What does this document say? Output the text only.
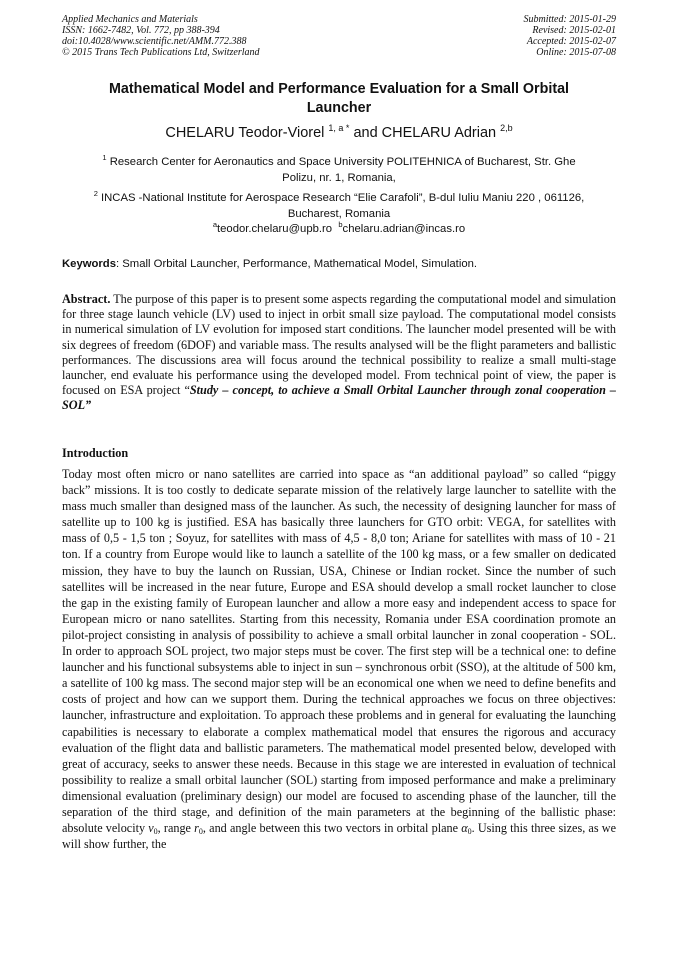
Applied Mechanics and Materials
ISSN: 1662-7482, Vol. 772, pp 388-394
doi:10.4028/www.scientific.net/AMM.772.388
© 2015 Trans Tech Publications Ltd, Switzerland
Submitted: 2015-01-29
Revised: 2015-02-01
Accepted: 2015-02-07
Online: 2015-07-08
Mathematical Model and Performance Evaluation for a Small Orbital
Launcher
CHELARU Teodor-Viorel $^{1, a *}$ and CHELARU Adrian $^{2,b}$
$^1$ Research Center for Aeronautics and Space University POLITEHNICA of Bucharest, Str. Ghe
Polizu, nr. 1, Romania,
$^2$ INCAS -National Institute for Aerospace Research “Elie Carafoli”, B-dul Iuliu Maniu 220 , 061126,
Bucharest, Romania
$^a$teodor.chelaru@upb.ro $^b$chelaru.adrian@incas.ro
Keywords: Small Orbital Launcher, Performance, Mathematical Model, Simulation.

Abstract. The purpose of this paper is to present some aspects regarding the computational model and simulation for three stage launch vehicle (LV) used to inject in orbit small size payload. The computational model consists in numerical simulation of LV evolution for imposed start conditions. The launcher model presented will be with six degrees of freedom (6DOF) and variable mass. The results analysed will be the flight parameters and ballistic performances. The discussions area will focus around the technical possibility to realize a small multi-stage launcher, end evaluate his performance using the developed model. From technical point of view, the paper is focused on ESA project “Study – concept, to achieve a Small Orbital Launcher through zonal cooperation – SOL”

Introduction

Today most often micro or nano satellites are carried into space as “an additional payload” so called “piggy back” missions. It is too costly to dedicate separate mission of the relatively large launcher to satellite with the mass much smaller than designed mass of the launcher. As such, the necessity of designing launcher for mass of satellite up to 100 kg is justified. ESA has basically three launchers for GTO orbit: VEGA, for satellites with mass of 0,5 - 1,5 ton ; Soyuz, for satellites with mass of 4,5 - 8,0 ton; Ariane for satellites with mass of 10 - 21 ton. If a country from Europe would like to launch a satellite of the 100 kg mass, or a few smaller on dedicated mission, they have to buy the launch on Russian, USA, Chinese or Indian rocket. Since the number of such satellites will be increased in the near future, Europe and ESA should develop a small rocket launcher to close the gap in the existing family of European launcher and allow a more easy and independent access to space for European micro or nano satellites. Starting from this necessity, Romania under ESA coordination promote an pilot-project consisting in analysis of possibility to achieve a small orbital launcher in zonal cooperation - SOL. In order to approach SOL project, two major steps must be cover. The first step will be a technical one: to define launcher and his functional subsystems able to inject in sun – synchronous orbit (SSO), at the altitude of 500 km, a satellite of 100 kg mass. The second major step will be an economical one when we need to define benefits and costs of project and how can we support them. During the technical approaches we focus on three objectives: launcher, infrastructure and exploitation. To approach these problems and in general for evaluating the launching capabilities is necessary to elaborate a complex mathematical model that ensures the rigorous and accuracy evaluation of the flight data and ballistic parameters. The mathematical model presented below, developed with great of accuracy, seeks to answer these needs. Because in this stage we are interested in evaluation of technical possibility to realize a small orbital launcher (SOL) starting from imposed performance and make a preliminary dimensional evaluation (preliminary design) our model are focused to ascending phase of the launcher, till the separation of the third stage, and definition of the main parameters at the beginning of the ballistic phase: absolute velocity $v_0$, range $r_0$, and angle between this two vectors in orbital plane $\alpha_0$. Using this three sizes, as we will show further, the
